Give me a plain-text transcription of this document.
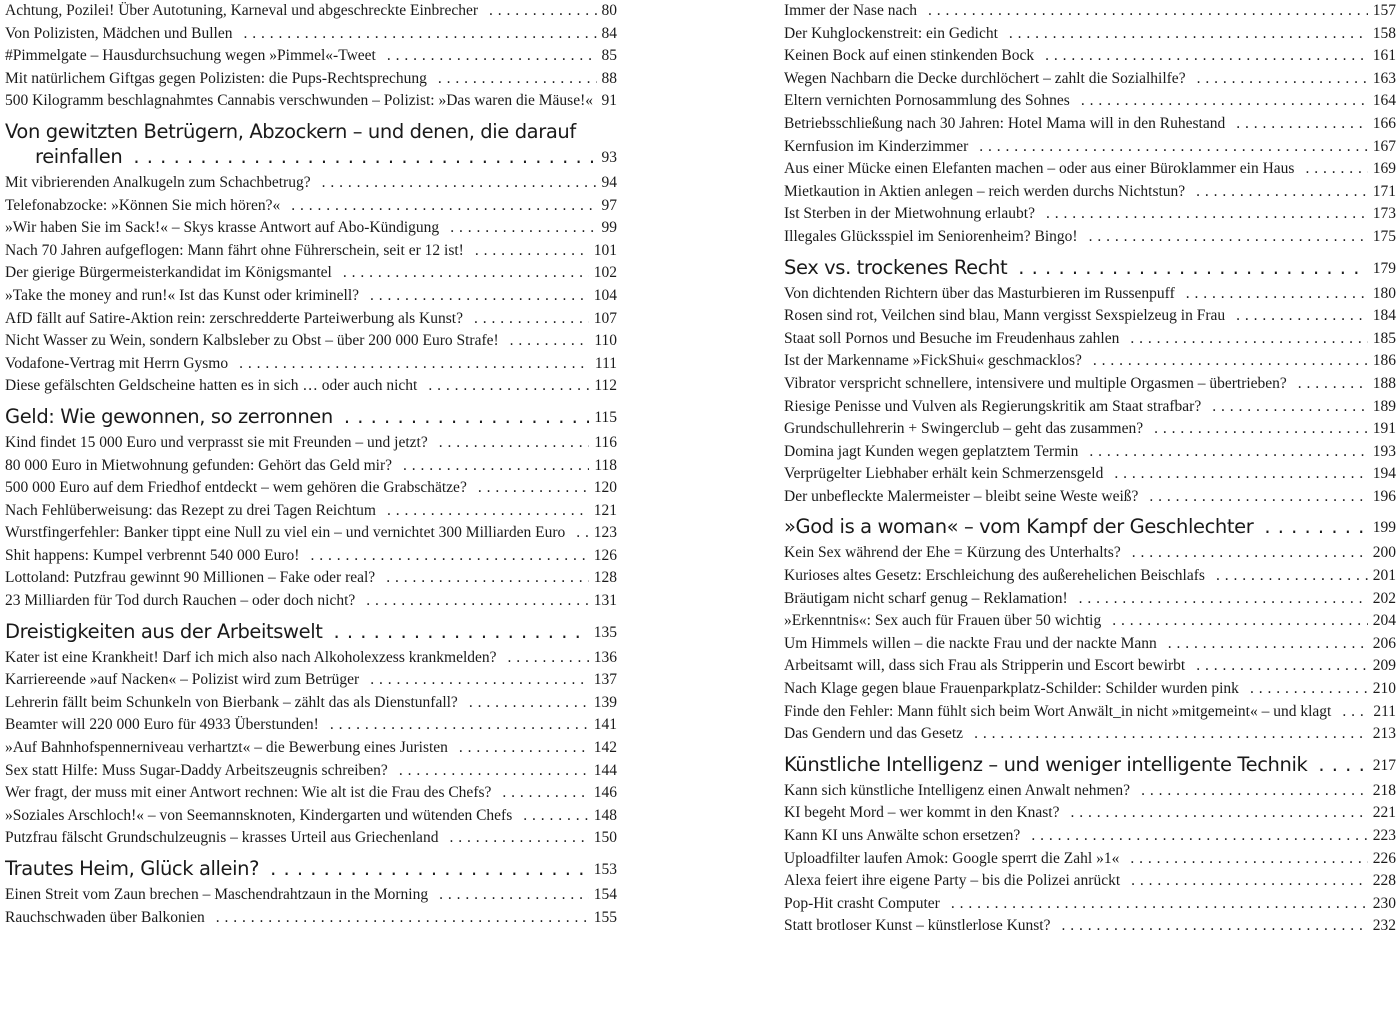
Achtung, Pozilei! Über Autotuning, Karneval und abgeschreckte Einbrecher . . .	80
Von Polizisten, Mädchen und Bullen . . .	84
#Pimmelgate – Hausdurchsuchung wegen »Pimmel«-Tweet . . .	85
Mit natürlichem Giftgas gegen Polizisten: die Pups-Rechtsprechung . . .	88
500 Kilogramm beschlagnahmtes Cannabis verschwunden – Polizist: »Das waren die Mäuse!« . . . 91
Von gewitzten Betrügern, Abzockern – und denen, die darauf reinfallen . . .	93
Mit vibrierenden Analkugeln zum Schachbetrug? . . .	94
Telefonabzocke: »Können Sie mich hören?« . . .	97
»Wir haben Sie im Sack!« – Skys krasse Antwort auf Abo-Kündigung . . .	99
Nach 70 Jahren aufgeflogen: Mann fährt ohne Führerschein, seit er 12 ist! . . .	101
Der gierige Bürgermeisterkandidat im Königsmantel . . .	102
»Take the money and run!« Ist das Kunst oder kriminell? . . .	104
AfD fällt auf Satire-Aktion rein: zerschredderte Parteiwerbung als Kunst? . . .	107
Nicht Wasser zu Wein, sondern Kalbsleber zu Obst – über 200 000 Euro Strafe! . . .	110
Vodafone-Vertrag mit Herrn Gysmo . . .	111
Diese gefälschten Geldscheine hatten es in sich … oder auch nicht . . .	112
Geld: Wie gewonnen, so zerronnen . . .	115
Kind findet 15 000 Euro und verprasst sie mit Freunden – und jetzt? . . .	116
80 000 Euro in Mietwohnung gefunden: Gehört das Geld mir? . . .	118
500 000 Euro auf dem Friedhof entdeckt – wem gehören die Grabschätze? . . .	120
Nach Fehlüberweisung: das Rezept zu drei Tagen Reichtum . . .	121
Wurstfingerfehler: Banker tippt eine Null zu viel ein – und vernichtet 300 Milliarden Euro . . .	123
Shit happens: Kumpel verbrennt 540 000 Euro! . . .	126
Lottoland: Putzfrau gewinnt 90 Millionen – Fake oder real? . . .	128
23 Milliarden für Tod durch Rauchen – oder doch nicht? . . .	131
Dreistigkeiten aus der Arbeitswelt . . .	135
Kater ist eine Krankheit! Darf ich mich also nach Alkoholexzess krankmelden? . . .	136
Karriereende »auf Nacken« – Polizist wird zum Betrüger . . .	137
Lehrerin fällt beim Schunkeln von Bierbank – zählt das als Dienstunfall? . . .	139
Beamter will 220 000 Euro für 4933 Überstunden! . . .	141
»Auf Bahnhofspennerniveau verhartzt« – die Bewerbung eines Juristen . . .	142
Sex statt Hilfe: Muss Sugar-Daddy Arbeitszeugnis schreiben? . . .	144
Wer fragt, der muss mit einer Antwort rechnen: Wie alt ist die Frau des Chefs? . . .	146
»Soziales Arschloch!« – von Seemannsknoten, Kindergarten und wütenden Chefs . . .	148
Putzfrau fälscht Grundschulzeugnis – krasses Urteil aus Griechenland . . .	150
Trautes Heim, Glück allein? . . .	153
Einen Streit vom Zaun brechen – Maschendrahtzaun in the Morning . . .	154
Rauchschwaden über Balkonien . . .	155
Immer der Nase nach . . .	157
Der Kuhglockenstreit: ein Gedicht . . .	158
Keinen Bock auf einen stinkenden Bock . . .	161
Wegen Nachbarn die Decke durchlöchert – zahlt die Sozialhilfe? . . .	163
Eltern vernichten Pornosammlung des Sohnes . . .	164
Betriebsschließung nach 30 Jahren: Hotel Mama will in den Ruhestand . . .	166
Kernfusion im Kinderzimmer . . .	167
Aus einer Mücke einen Elefanten machen – oder aus einer Büroklammer ein Haus . . .	169
Mietkaution in Aktien anlegen – reich werden durchs Nichtstun? . . .	171
Ist Sterben in der Mietwohnung erlaubt? . . .	173
Illegales Glücksspiel im Seniorenheim? Bingo! . . .	175
Sex vs. trockenes Recht . . .	179
Von dichtenden Richtern über das Masturbieren im Russenpuff . . .	180
Rosen sind rot, Veilchen sind blau, Mann vergisst Sexspielzeug in Frau . . .	184
Staat soll Pornos und Besuche im Freudenhaus zahlen . . .	185
Ist der Markenname »FickShui« geschmacklos? . . .	186
Vibrator verspricht schnellere, intensivere und multiple Orgasmen – übertrieben? . . .	188
Riesige Penisse und Vulven als Regierungskritik am Staat strafbar? . . .	189
Grundschullehrerin + Swingerclub – geht das zusammen? . . .	191
Domina jagt Kunden wegen geplatztem Termin . . .	193
Verprügelter Liebhaber erhält kein Schmerzensgeld . . .	194
Der unbefleckte Malermeister – bleibt seine Weste weiß? . . .	196
»God is a woman« – vom Kampf der Geschlechter . . .	199
Kein Sex während der Ehe = Kürzung des Unterhalts? . . .	200
Kurioses altes Gesetz: Erschleichung des außerehelichen Beischlafs . . .	201
Bräutigam nicht scharf genug – Reklamation! . . .	202
»Erkenntnis«: Sex auch für Frauen über 50 wichtig . . .	204
Um Himmels willen – die nackte Frau und der nackte Mann . . .	206
Arbeitsamt will, dass sich Frau als Stripperin und Escort bewirbt . . .	209
Nach Klage gegen blaue Frauenparkplatz-Schilder: Schilder wurden pink . . .	210
Finde den Fehler: Mann fühlt sich beim Wort Anwält_in nicht »mitgemeint« – und klagt . . .	211
Das Gendern und das Gesetz . . .	213
Künstliche Intelligenz – und weniger intelligente Technik . . .	217
Kann sich künstliche Intelligenz einen Anwalt nehmen? . . .	218
KI begeht Mord – wer kommt in den Knast? . . .	221
Kann KI uns Anwälte schon ersetzen? . . .	223
Uploadfilter laufen Amok: Google sperrt die Zahl »1« . . .	226
Alexa feiert ihre eigene Party – bis die Polizei anrückt . . .	228
Pop-Hit crasht Computer . . .	230
Statt brotloser Kunst – künstlerlose Kunst? . . .	232
